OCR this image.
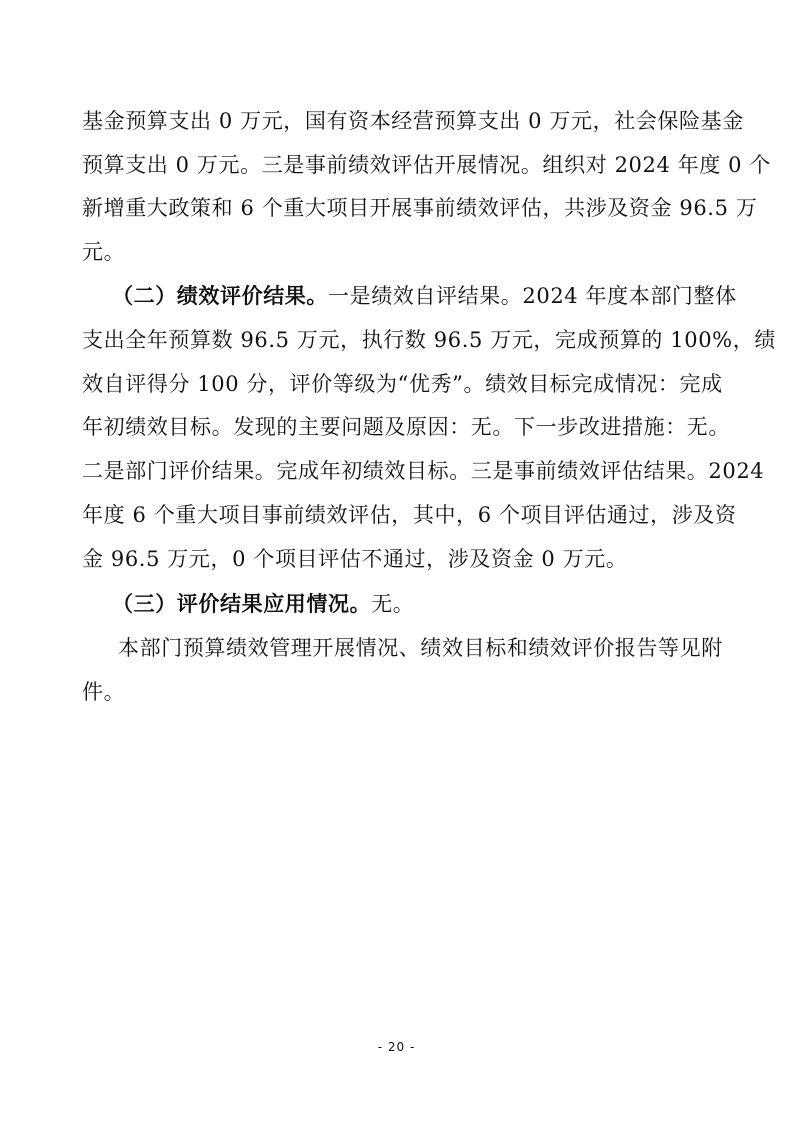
基金预算支出 0 万元，国有资本经营预算支出 0 万元，社会保险基金
预算支出 0 万元。三是事前绩效评估开展情况。组织对 2024 年度 0 个
新增重大政策和 6 个重大项目开展事前绩效评估，共涉及资金 96.5 万
元。
（二）绩效评价结果。一是绩效自评结果。2024 年度本部门整体
支出全年预算数 96.5 万元，执行数 96.5 万元，完成预算的 100%，绩
效自评得分 100 分，评价等级为“优秀”。绩效目标完成情况：完成
年初绩效目标。发现的主要问题及原因：无。下一步改进措施：无。
二是部门评价结果。完成年初绩效目标。三是事前绩效评估结果。2024
年度 6 个重大项目事前绩效评估，其中，6 个项目评估通过，涉及资
金 96.5 万元，0 个项目评估不通过，涉及资金 0 万元。
（三）评价结果应用情况。无。
本部门预算绩效管理开展情况、绩效目标和绩效评价报告等见附
件。
- 20 -
